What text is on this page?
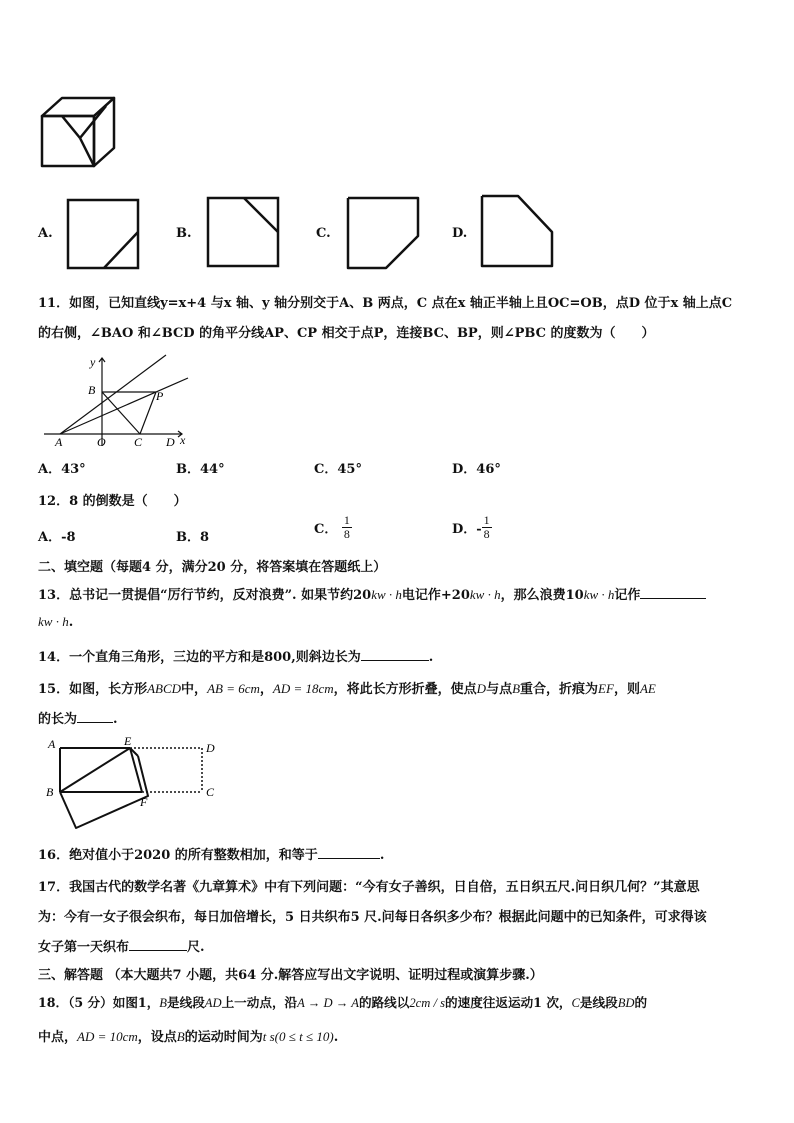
A.	B.	C.	D.
11．如图，已知直线y=x+4 与x 轴、y 轴分别交于A、B 两点，C 点在x 轴正半轴上且OC=OB，点D 位于x 轴上点C
的右侧，∠BAO 和∠BCD 的角平分线AP、CP 相交于点P，连接BC、BP，则∠PBC 的度数为（　　）
y
B	P
A	O C D x
A．43°	B．44°	C．45°	D．46°
12．8 的倒数是（　　）
A．-8	B．8
C． $\frac{1}{8}$	D．- $\frac{1}{8}$
二、填空题（每题4 分，满分20 分，将答案填在答题纸上）
13．总书记一贯提倡“厉行节约，反对浪费”. 如果节约20kw · h电记作+20kw · h，那么浪费10kw · h记作
kw · h.
14．一个直角三角形，三边的平方和是800,则斜边长为	.
15．如图，长方形ABCD中，AB = 6cm，AD = 18cm，将此长方形折叠，使点D与点B重合，折痕为EF，则AE
的长为	.
A	E	D
B
F
C
16．绝对值小于2020 的所有整数相加，和等于	.
17．我国古代的数学名著《九章算术》中有下列问题：“今有女子善织，日自倍，五日织五尺.问日织几何？”其意思
为：今有一女子很会织布，每日加倍增长，5 日共织布5 尺.问每日各织多少布？根据此问题中的已知条件，可求得该
女子第一天织布	尺.
三、解答题 （本大题共7 小题，共64 分.解答应写出文字说明、证明过程或演算步骤.）
18．（5 分）如图1，B是线段AD上一动点，沿A → D → A的路线以2cm / s的速度往返运动1 次，C是线段BD的
中点，AD = 10cm，设点B的运动时间为t s(0 ≤ t ≤ 10).
